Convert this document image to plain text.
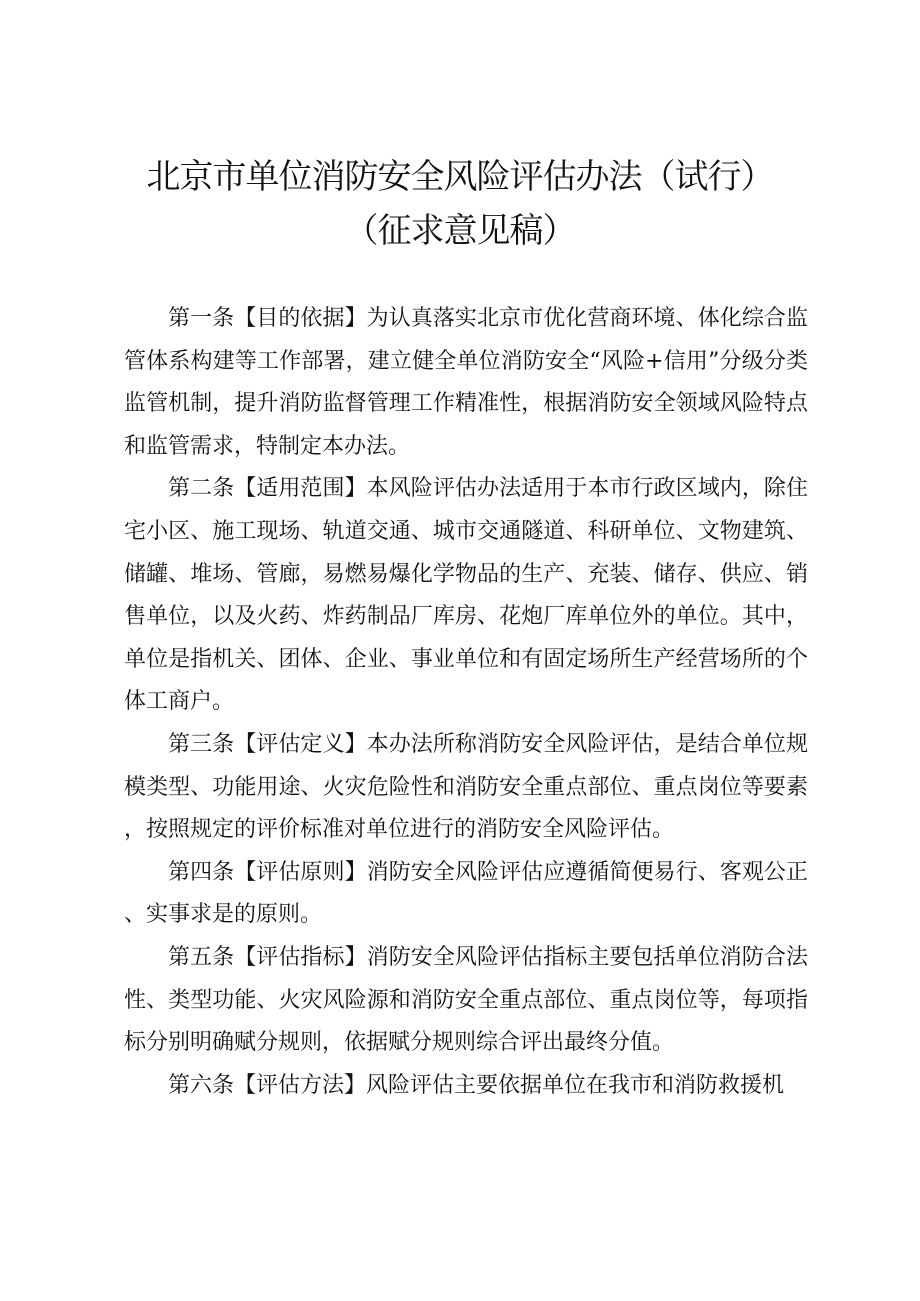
北京市单位消防安全风险评估办法（试行）
（征求意见稿）

第一条【目的依据】为认真落实北京市优化营商环境、体化综合监管体系构建等工作部署，建立健全单位消防安全“风险+信用”分级分类监管机制，提升消防监督管理工作精准性，根据消防安全领域风险特点和监管需求，特制定本办法。

第二条【适用范围】本风险评估办法适用于本市行政区域内，除住宅小区、施工现场、轨道交通、城市交通隧道、科研单位、文物建筑、储罐、堆场、管廊，易燃易爆化学物品的生产、充装、储存、供应、销售单位，以及火药、炸药制品厂库房、花炮厂库单位外的单位。其中，单位是指机关、团体、企业、事业单位和有固定场所生产经营场所的个体工商户。

第三条【评估定义】本办法所称消防安全风险评估，是结合单位规模类型、功能用途、火灾危险性和消防安全重点部位、重点岗位等要素，按照规定的评价标准对单位进行的消防安全风险评估。

第四条【评估原则】消防安全风险评估应遵循简便易行、客观公正、实事求是的原则。

第五条【评估指标】消防安全风险评估指标主要包括单位消防合法性、类型功能、火灾风险源和消防安全重点部位、重点岗位等，每项指标分别明确赋分规则，依据赋分规则综合评出最终分值。

第六条【评估方法】风险评估主要依据单位在我市和消防救援机
